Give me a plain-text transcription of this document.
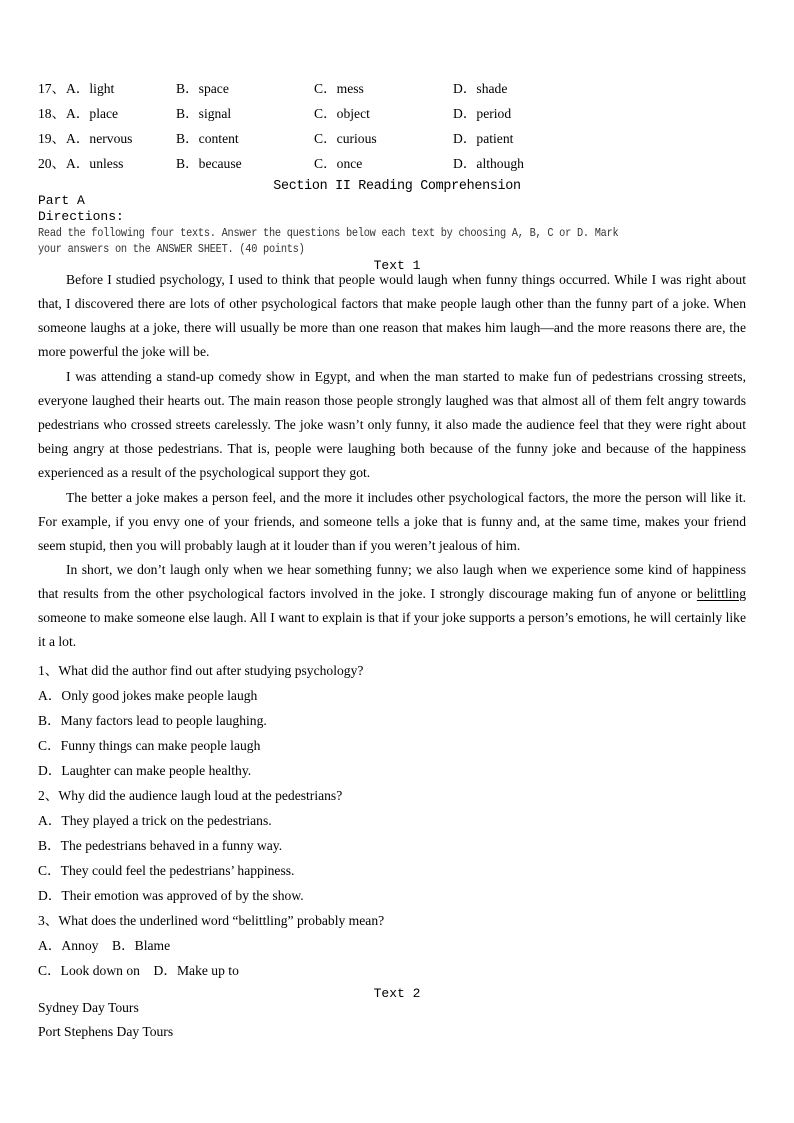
17、 A．light	B．space	C．mess	D．shade
18、 A．place	B．signal	C．object	D．period
19、 A．nervous	B．content	C．curious	D．patient
20、 A．unless	B．because	C．once	D．although
Section II Reading Comprehension
Part A
Directions:
Read the following four texts. Answer the questions below each text by choosing A, B, C or D. Mark
your answers on the ANSWER SHEET. (40 points)
Text 1
Before I studied psychology, I used to think that people would laugh when funny things occurred. While I was right about that, I discovered there are lots of other psychological factors that make people laugh other than the funny part of a joke. When someone laughs at a joke, there will usually be more than one reason that makes him laugh—and the more reasons there are, the more powerful the joke will be.
I was attending a stand-up comedy show in Egypt, and when the man started to make fun of pedestrians crossing streets, everyone laughed their hearts out. The main reason those people strongly laughed was that almost all of them felt angry towards pedestrians who crossed streets carelessly. The joke wasn’t only funny, it also made the audience feel that they were right about being angry at those pedestrians. That is, people were laughing both because of the funny joke and because of the happiness experienced as a result of the psychological support they got.
The better a joke makes a person feel, and the more it includes other psychological factors, the more the person will like it. For example, if you envy one of your friends, and someone tells a joke that is funny and, at the same time, makes your friend seem stupid, then you will probably laugh at it louder than if you weren’t jealous of him.
In short, we don’t laugh only when we hear something funny; we also laugh when we experience some kind of happiness that results from the other psychological factors involved in the joke. I strongly discourage making fun of anyone or belittling someone to make someone else laugh. All I want to explain is that if your joke supports a person’s emotions, he will certainly like it a lot.
1、What did the author find out after studying psychology?
A．Only good jokes make people laugh
B．Many factors lead to people laughing.
C．Funny things can make people laugh
D．Laughter can make people healthy.
2、Why did the audience laugh loud at the pedestrians?
A．They played a trick on the pedestrians.
B．The pedestrians behaved in a funny way.
C．They could feel the pedestrians’ happiness.
D．Their emotion was approved of by the show.
3、What does the underlined word “belittling” probably mean?
A．Annoy    B．Blame
C．Look down on    D．Make up to
Text 2
Sydney Day Tours
Port Stephens Day Tours
